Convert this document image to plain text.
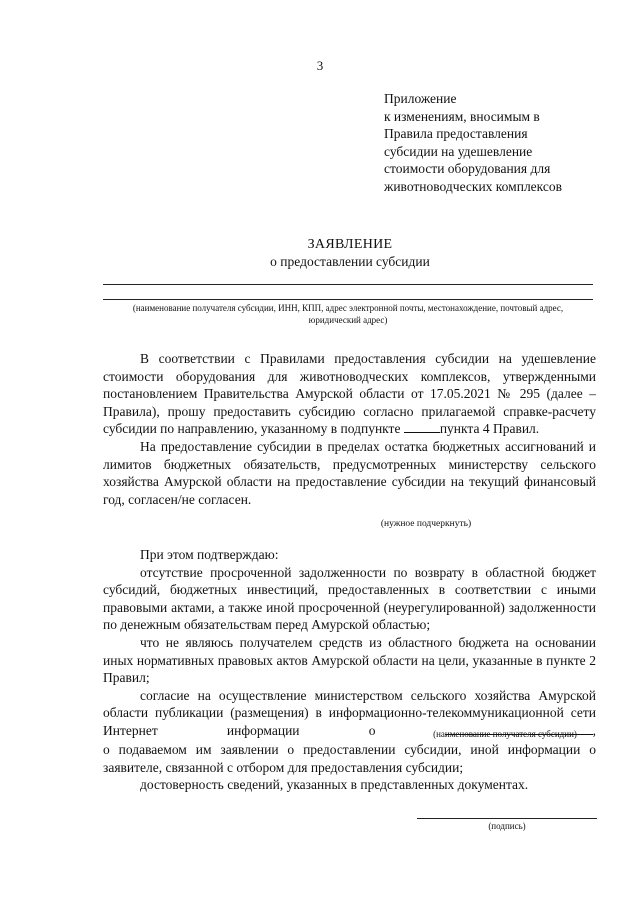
3
Приложение
к изменениям, вносимым в
Правила предоставления
субсидии на удешевление
стоимости оборудования для
животноводческих комплексов
ЗАЯВЛЕНИЕ
о предоставлении субсидии
(наименование получателя субсидии, ИНН, КПП, адрес электронной почты, местонахождение, почтовый адрес,
юридический адрес)

В соответствии с Правилами предоставления субсидии на удешевление стоимости оборудования для животноводческих комплексов, утвержденными постановлением Правительства Амурской области от 17.05.2021 № 295 (далее – Правила), прошу предоставить субсидию согласно прилагаемой справке-расчету субсидии по направлению, указанному в подпункте	пункта 4 Правил.

На предоставление субсидии в пределах остатка бюджетных ассигнований и лимитов бюджетных обязательств, предусмотренных министерству сельского хозяйства Амурской области на предоставление субсидии на текущий финансовый год, согласен/не согласен.

(нужное подчеркнуть)

При этом подтверждаю:

отсутствие просроченной задолженности по возврату в областной бюджет субсидий, бюджетных инвестиций, предоставленных в соответствии с иными правовыми актами, а также иной просроченной (неурегулированной) задолженности по денежным обязательствам перед Амурской областью;

что не являюсь получателем средств из областного бюджета на основании иных нормативных правовых актов Амурской области на цели, указанные в пункте 2 Правил;

согласие на осуществление министерством сельского хозяйства Амурской области публикации (размещения) в информационно-телекоммуникационной сети Интернет информации о	,

(наименование получателя субсидии)

о подаваемом им заявлении о предоставлении субсидии, иной информации о заявителе, связанной с отбором для предоставления субсидии;

достоверность сведений, указанных в представленных документах.

(подпись)
